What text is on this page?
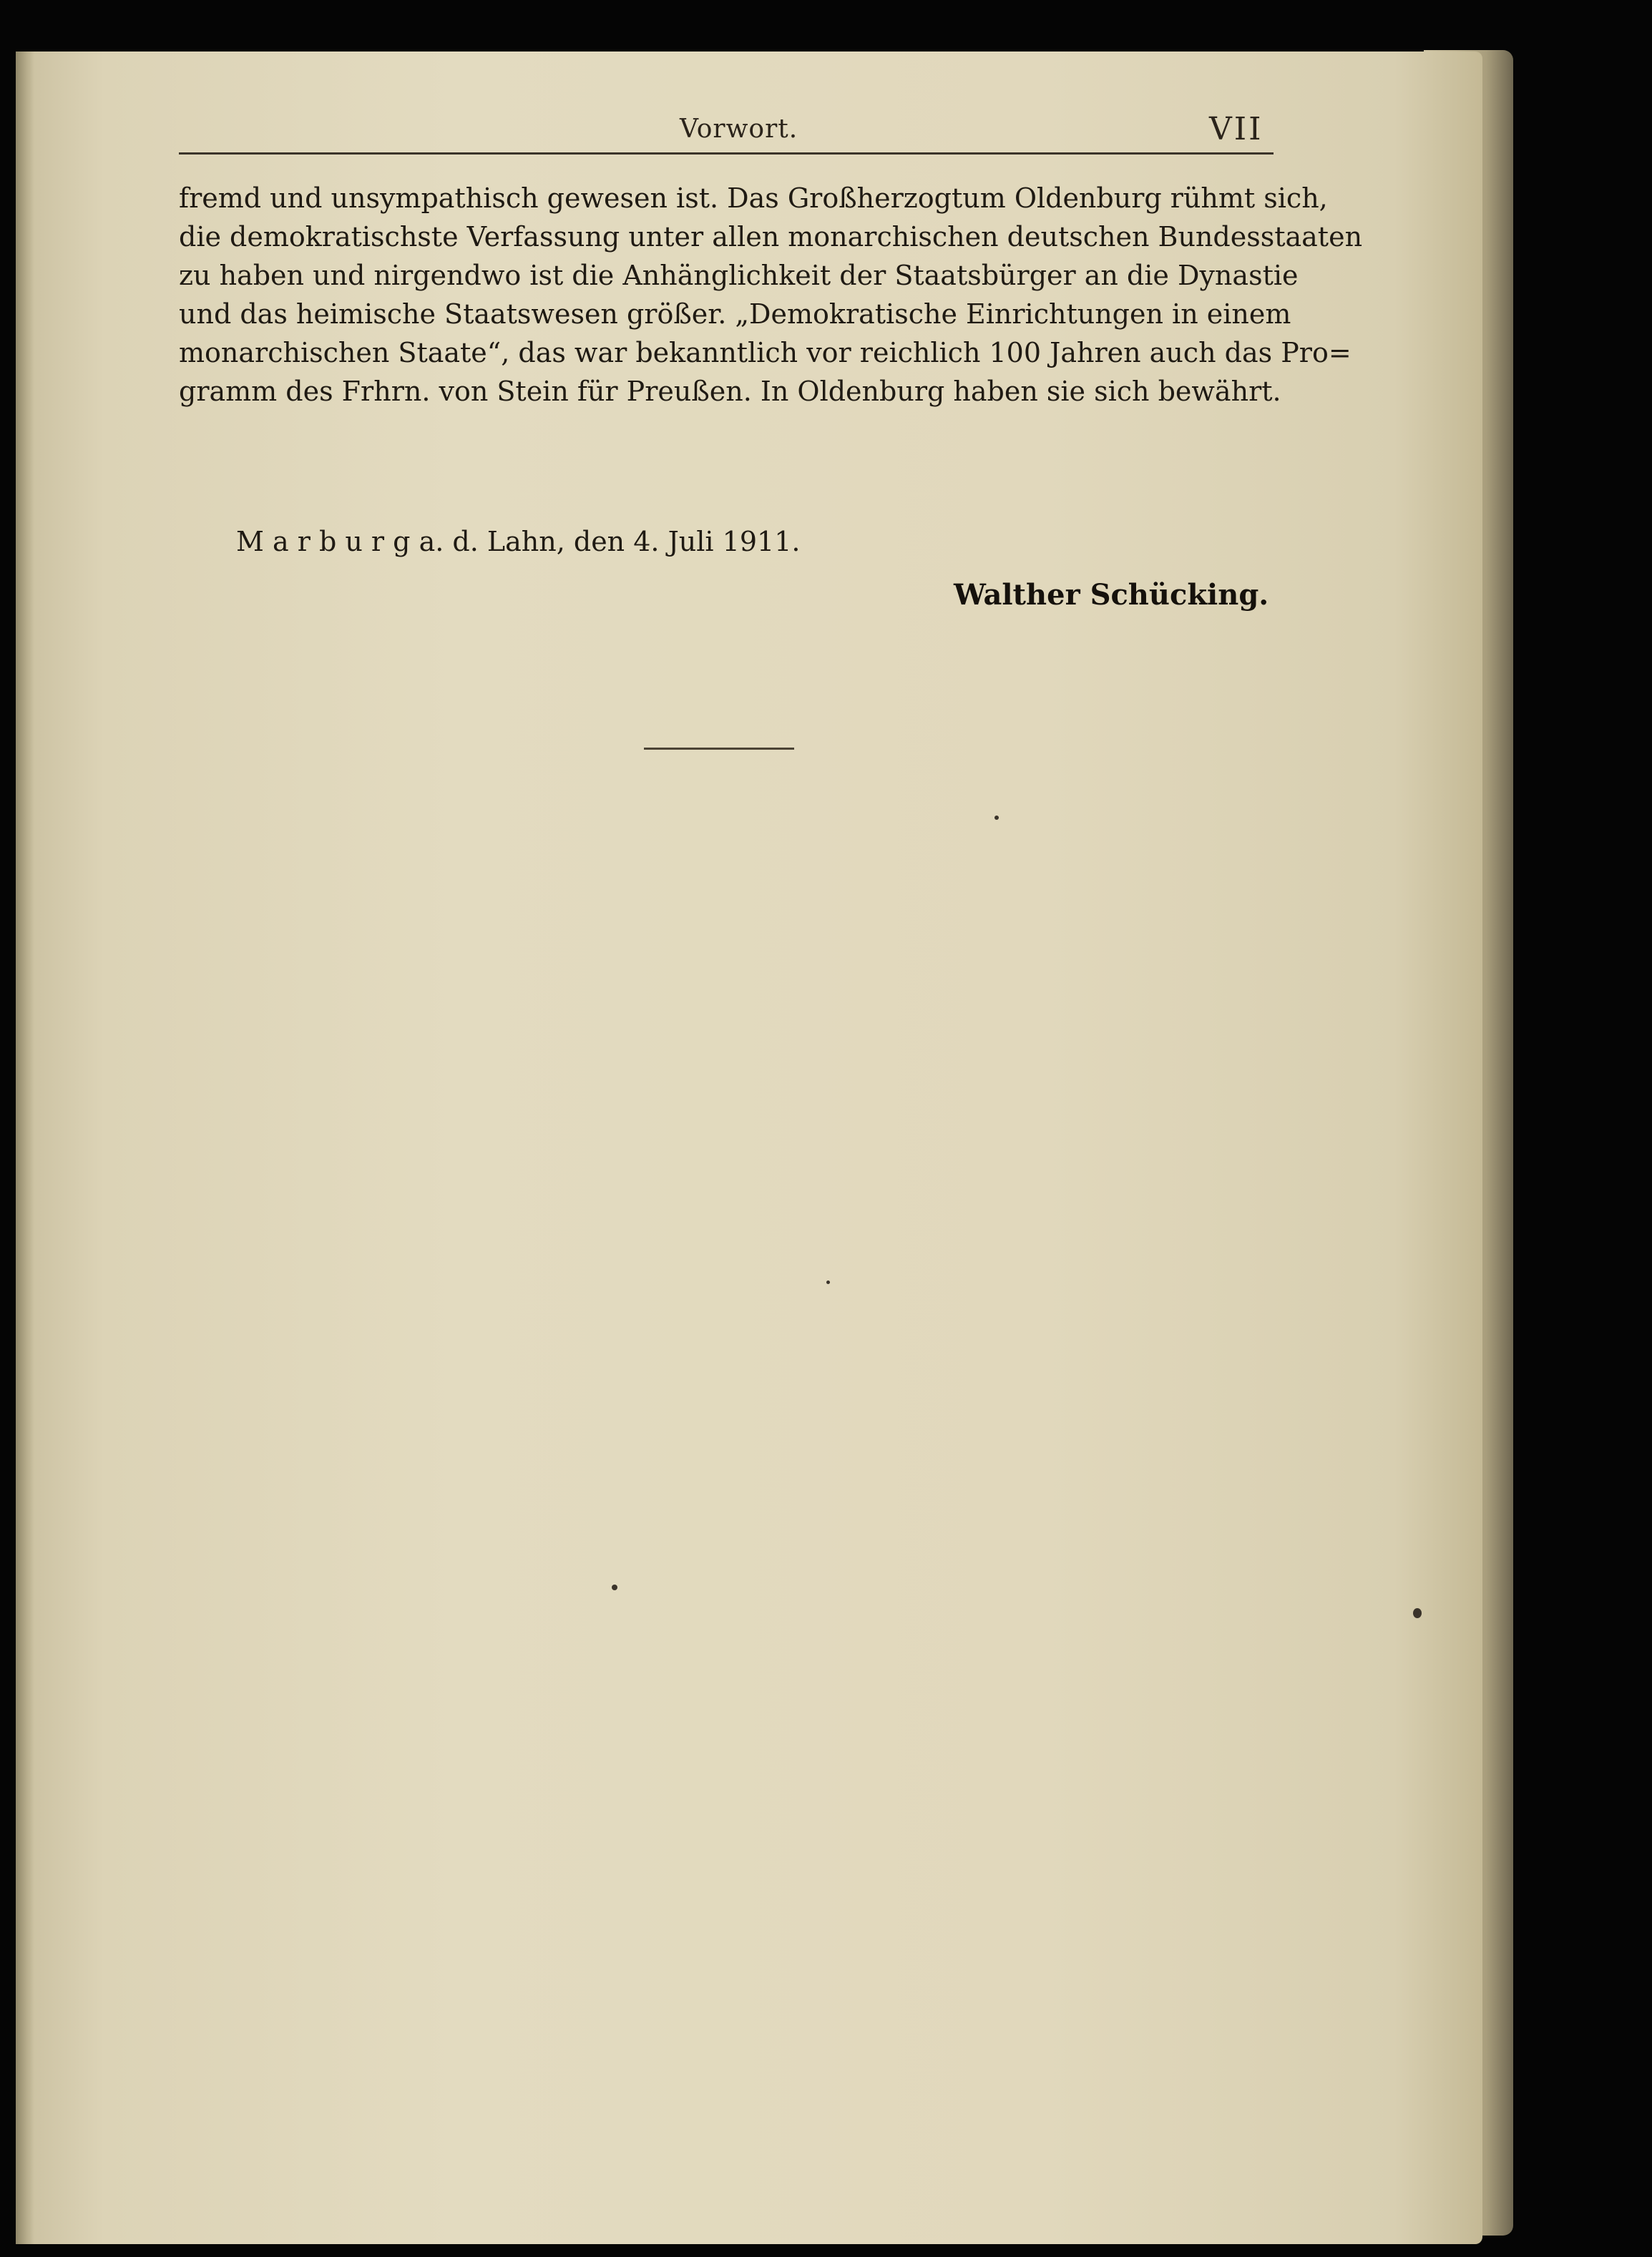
Vorwort.	VII
fremd und unsympathisch gewesen ist. Das Großherzogtum Oldenburg rühmt sich,
die demokratischste Verfassung unter allen monarchischen deutschen Bundesstaaten
zu haben und nirgendwo ist die Anhänglichkeit der Staatsbürger an die Dynastie
und das heimische Staatswesen größer. „Demokratische Einrichtungen in einem
monarchischen Staate“, das war bekanntlich vor reichlich 100 Jahren auch das Pro=
gramm des Frhrn. von Stein für Preußen. In Oldenburg haben sie sich bewährt.
M a r b u r g a. d. Lahn, den 4. Juli 1911.
Walther Schücking.
